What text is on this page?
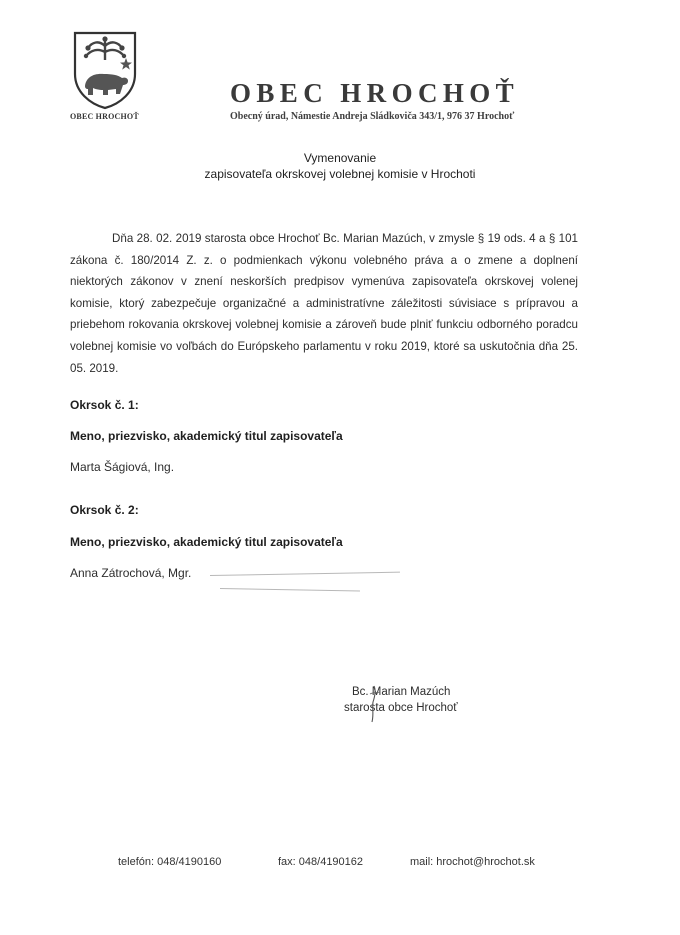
OBEC HROCHOŤ
OBEC HROCHOŤ
Obecný úrad, Námestie Andreja Sládkoviča 343/1, 976 37 Hrochoť
Vymenovanie
zapisovateľa okrskovej volebnej komisie v Hrochoti
Dňa 28. 02. 2019 starosta obce Hrochoť Bc. Marian Mazúch, v zmysle § 19 ods. 4 a § 101 zákona č. 180/2014 Z. z. o podmienkach výkonu volebného práva a o zmene a doplnení niektorých zákonov v znení neskorších predpisov vymenúva zapisovateľa okrskovej volenej komisie, ktorý zabezpečuje organizačné a administratívne záležitosti súvisiace s prípravou a priebehom rokovania okrskovej volebnej komisie a zároveň bude plniť funkciu odborného poradcu volebnej komisie vo voľbách do Európskeho parlamentu v roku 2019, ktoré sa uskutočnia dňa 25. 05. 2019.
Okrsok č. 1:
Meno, priezvisko, akademický titul zapisovateľa
Marta Šágiová, Ing.
Okrsok č. 2:
Meno, priezvisko, akademický titul zapisovateľa
Anna Zátrochová, Mgr.
Bc. Marian Mazúch
starosta obce Hrochoť
telefón: 048/4190160	fax: 048/4190162	mail: hrochot@hrochot.sk
